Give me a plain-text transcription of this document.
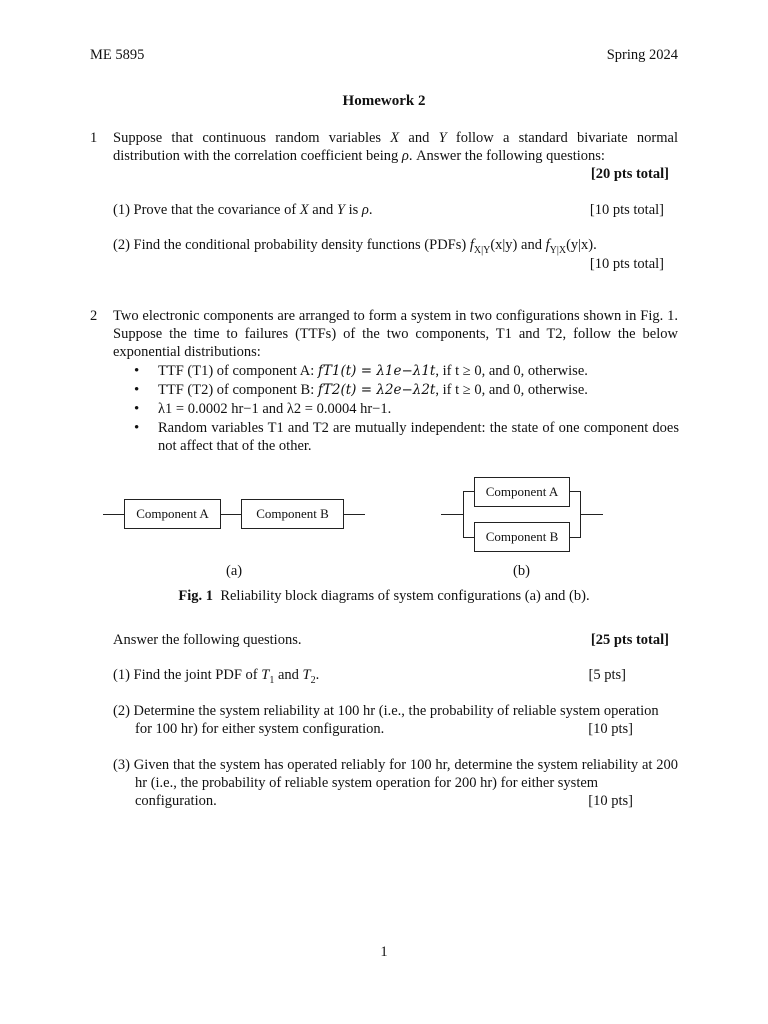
ME 5895	Spring 2024
Homework 2
1 Suppose that continuous random variables X and Y follow a standard bivariate normal distribution with the correlation coefficient being ρ. Answer the following questions:
[20 pts total]
(1) Prove that the covariance of X and Y is ρ.	[10 pts total]
(2) Find the conditional probability density functions (PDFs) $f_{X|Y}(x|y)$ and $f_{Y|X}(y|x)$.
[10 pts total]
2 Two electronic components are arranged to form a system in two configurations shown in Fig. 1. Suppose the time to failures (TTFs) of the two components, T1 and T2, follow the below exponential distributions:
• TTF (T1) of component A: fT1(t) = λ1e−λ1t, if t ≥ 0, and 0, otherwise.
• TTF (T2) of component B: fT2(t) = λ2e−λ2t, if t ≥ 0, and 0, otherwise.
• λ1 = 0.0002 hr−1 and λ2 = 0.0004 hr−1.
• Random variables T1 and T2 are mutually independent: the state of one component does not affect that of the other.
Component A	Component B
Component A
Component B
(a)	(b)
Fig. 1 Reliability block diagrams of system configurations (a) and (b).
Answer the following questions.	[25 pts total]
(1) Find the joint PDF of $T_1$ and $T_2$.	[5 pts]
(2) Determine the system reliability at 100 hr (i.e., the probability of reliable system operation
for 100 hr) for either system configuration.	[10 pts]
(3) Given that the system has operated reliably for 100 hr, determine the system reliability at 200 hr (i.e., the probability of reliable system operation for 200 hr) for either system
configuration.	[10 pts]
1
